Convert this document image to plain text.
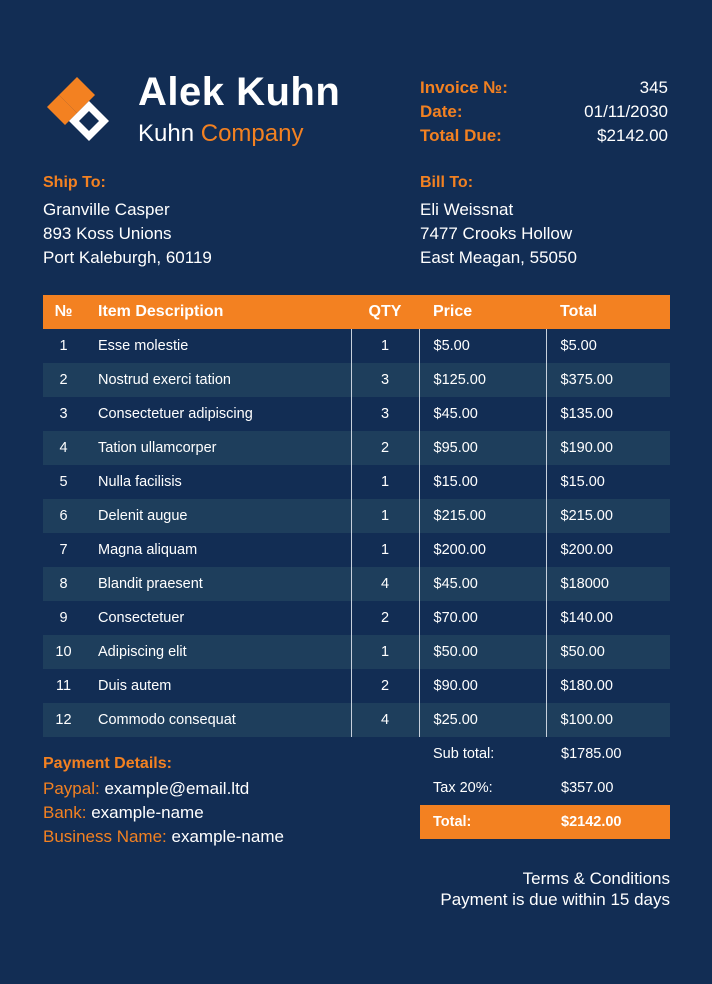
Alek Kuhn
Kuhn Company
Invoice №:	345
Date:	01/11/2030
Total Due:	$2142.00
Ship To:
Granville Casper
893 Koss Unions
Port Kaleburgh, 60119
Bill To:
Eli Weissnat
7477 Crooks Hollow
East Meagan, 55050
№	Item Description	QTY	Price	Total
1	Esse molestie	1	$5.00	$5.00
2	Nostrud exerci tation	3	$125.00	$375.00
3	Consectetuer adipiscing	3	$45.00	$135.00
4	Tation ullamcorper	2	$95.00	$190.00
5	Nulla facilisis	1	$15.00	$15.00
6	Delenit augue	1	$215.00	$215.00
7	Magna aliquam	1	$200.00	$200.00
8	Blandit praesent	4	$45.00	$18000
9	Consectetuer	2	$70.00	$140.00
10	Adipiscing elit	1	$50.00	$50.00
11	Duis autem	2	$90.00	$180.00
12	Commodo consequat	4	$25.00	$100.00
Sub total:	$1785.00
Tax 20%:	$357.00
Total:	$2142.00
Payment Details:
Paypal: example@email.ltd
Bank: example-name
Business Name: example-name
Terms & Conditions
Payment is due within 15 days
